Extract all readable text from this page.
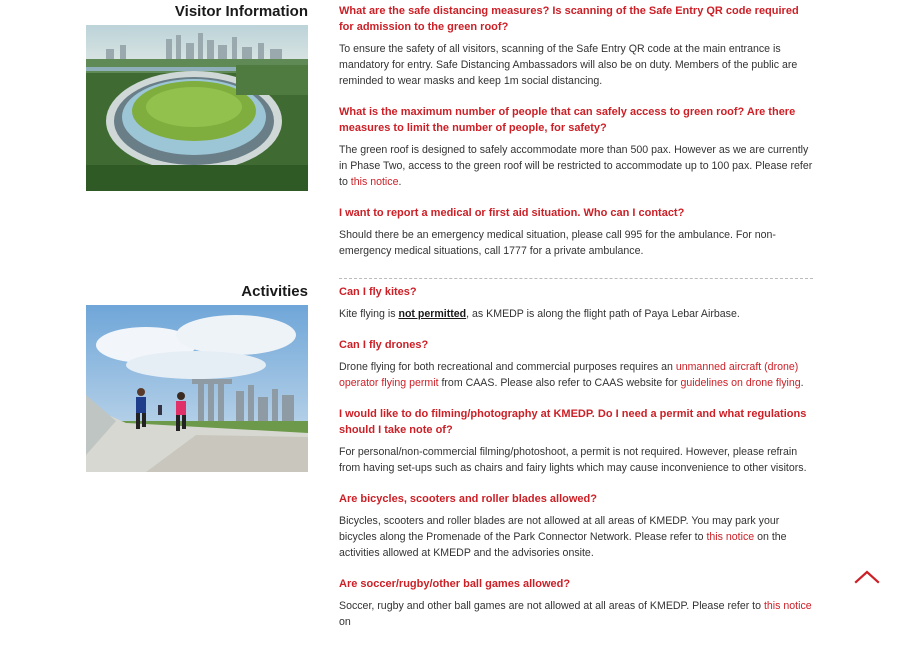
Visitor Information	What are the safe distancing measures? Is scanning of the Safe Entry QR code required for admission to the green roof?

To ensure the safety of all visitors, scanning of the Safe Entry QR code at the main entrance is mandatory for entry. Safe Distancing Ambassadors will also be on duty. Members of the public are reminded to wear masks and keep 1m social distancing.

What is the maximum number of people that can safely access to green roof? Are there measures to limit the number of people, for safety?

The green roof is designed to safely accommodate more than 500 pax. However as we are currently in Phase Two, access to the green roof will be restricted to accommodate up to 100 pax. Please refer to this notice.

I want to report a medical or first aid situation. Who can I contact?

Should there be an emergency medical situation, please call 995 for the ambulance. For non-emergency medical situations, call 1777 for a private ambulance.

Activities	Can I fly kites?

Kite flying is not permitted, as KMEDP is along the flight path of Paya Lebar Airbase.

Can I fly drones?

Drone flying for both recreational and commercial purposes requires an unmanned aircraft (drone) operator flying permit from CAAS. Please also refer to CAAS website for guidelines on drone flying.

I would like to do filming/photography at KMEDP. Do I need a permit and what regulations should I take note of?

For personal/non-commercial filming/photoshoot, a permit is not required. However, please refrain from having set-ups such as chairs and fairy lights which may cause inconvenience to other visitors.

Are bicycles, scooters and roller blades allowed?

Bicycles, scooters and roller blades are not allowed at all areas of KMEDP. You may park your bicycles along the Promenade of the Park Connector Network. Please refer to this notice on the activities allowed at KMEDP and the advisories onsite.

Are soccer/rugby/other ball games allowed?

Soccer, rugby and other ball games are not allowed at all areas of KMEDP. Please refer to this notice on
